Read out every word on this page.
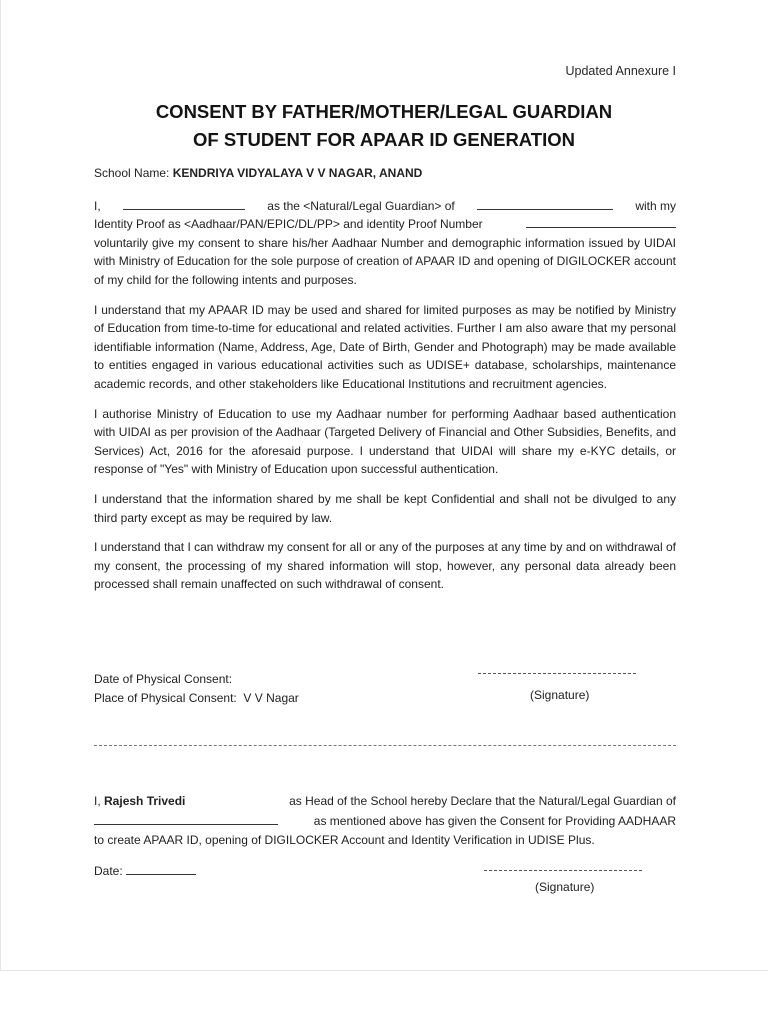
Updated Annexure I
CONSENT BY FATHER/MOTHER/LEGAL GUARDIAN
OF STUDENT FOR APAAR ID GENERATION
School Name: KENDRIYA VIDYALAYA V V NAGAR, ANAND
I,	as the <Natural/Legal Guardian> of	with my
Identity Proof as <Aadhaar/PAN/EPIC/DL/PP> and identity Proof Number
voluntarily give my consent to share his/her Aadhaar Number and demographic information issued by UIDAI with Ministry of Education for the sole purpose of creation of APAAR ID and opening of DIGILOCKER account of my child for the following intents and purposes.
I understand that my APAAR ID may be used and shared for limited purposes as may be notified by Ministry of Education from time-to-time for educational and related activities. Further I am also aware that my personal identifiable information (Name, Address, Age, Date of Birth, Gender and Photograph) may be made available to entities engaged in various educational activities such as UDISE+ database, scholarships, maintenance academic records, and other stakeholders like Educational Institutions and recruitment agencies.
I authorise Ministry of Education to use my Aadhaar number for performing Aadhaar based authentication with UIDAI as per provision of the Aadhaar (Targeted Delivery of Financial and Other Subsidies, Benefits, and Services) Act, 2016 for the aforesaid purpose. I understand that UIDAI will share my e-KYC details, or response of "Yes" with Ministry of Education upon successful authentication.
I understand that the information shared by me shall be kept Confidential and shall not be divulged to any third party except as may be required by law.
I understand that I can withdraw my consent for all or any of the purposes at any time by and on withdrawal of my consent, the processing of my shared information will stop, however, any personal data already been processed shall remain unaffected on such withdrawal of consent.
Date of Physical Consent:
Place of Physical Consent: V V Nagar	(Signature)
I, Rajesh Trivedi	as Head of the School hereby Declare that the Natural/Legal Guardian of
as mentioned above has given the Consent for Providing AADHAAR
to create APAAR ID, opening of DIGILOCKER Account and Identity Verification in UDISE Plus.
Date:
(Signature)
